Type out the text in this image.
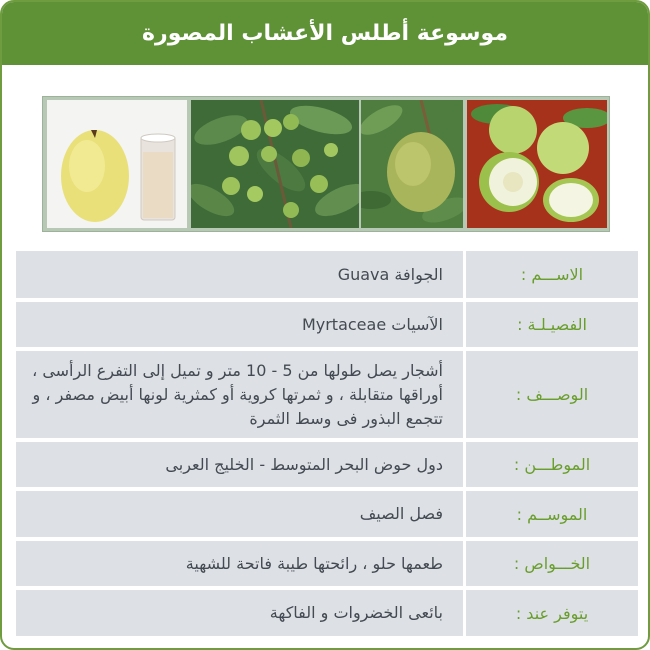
موسوعة أطلس الأعشاب المصورة
الاســـم :
الجوافة Guava
الفصيـلـة :
الآسيات Myrtaceae
الوصـــف :
أشجار يصل طولها من 5 - 10 متر و تميل إلى التفرع الرأسى ، أوراقها متقابلة ، و ثمرتها كروية أو كمثرية لونها أبيض مصفر ، و تتجمع البذور فى وسط الثمرة
الموطـــن :
دول حوض البحر المتوسط - الخليج العربى
الموســم :
فصل الصيف
الخـــواص :
طعمها حلو ، رائحتها طيبة فاتحة للشهية
يتوفر عند :
بائعى الخضروات و الفاكهة
